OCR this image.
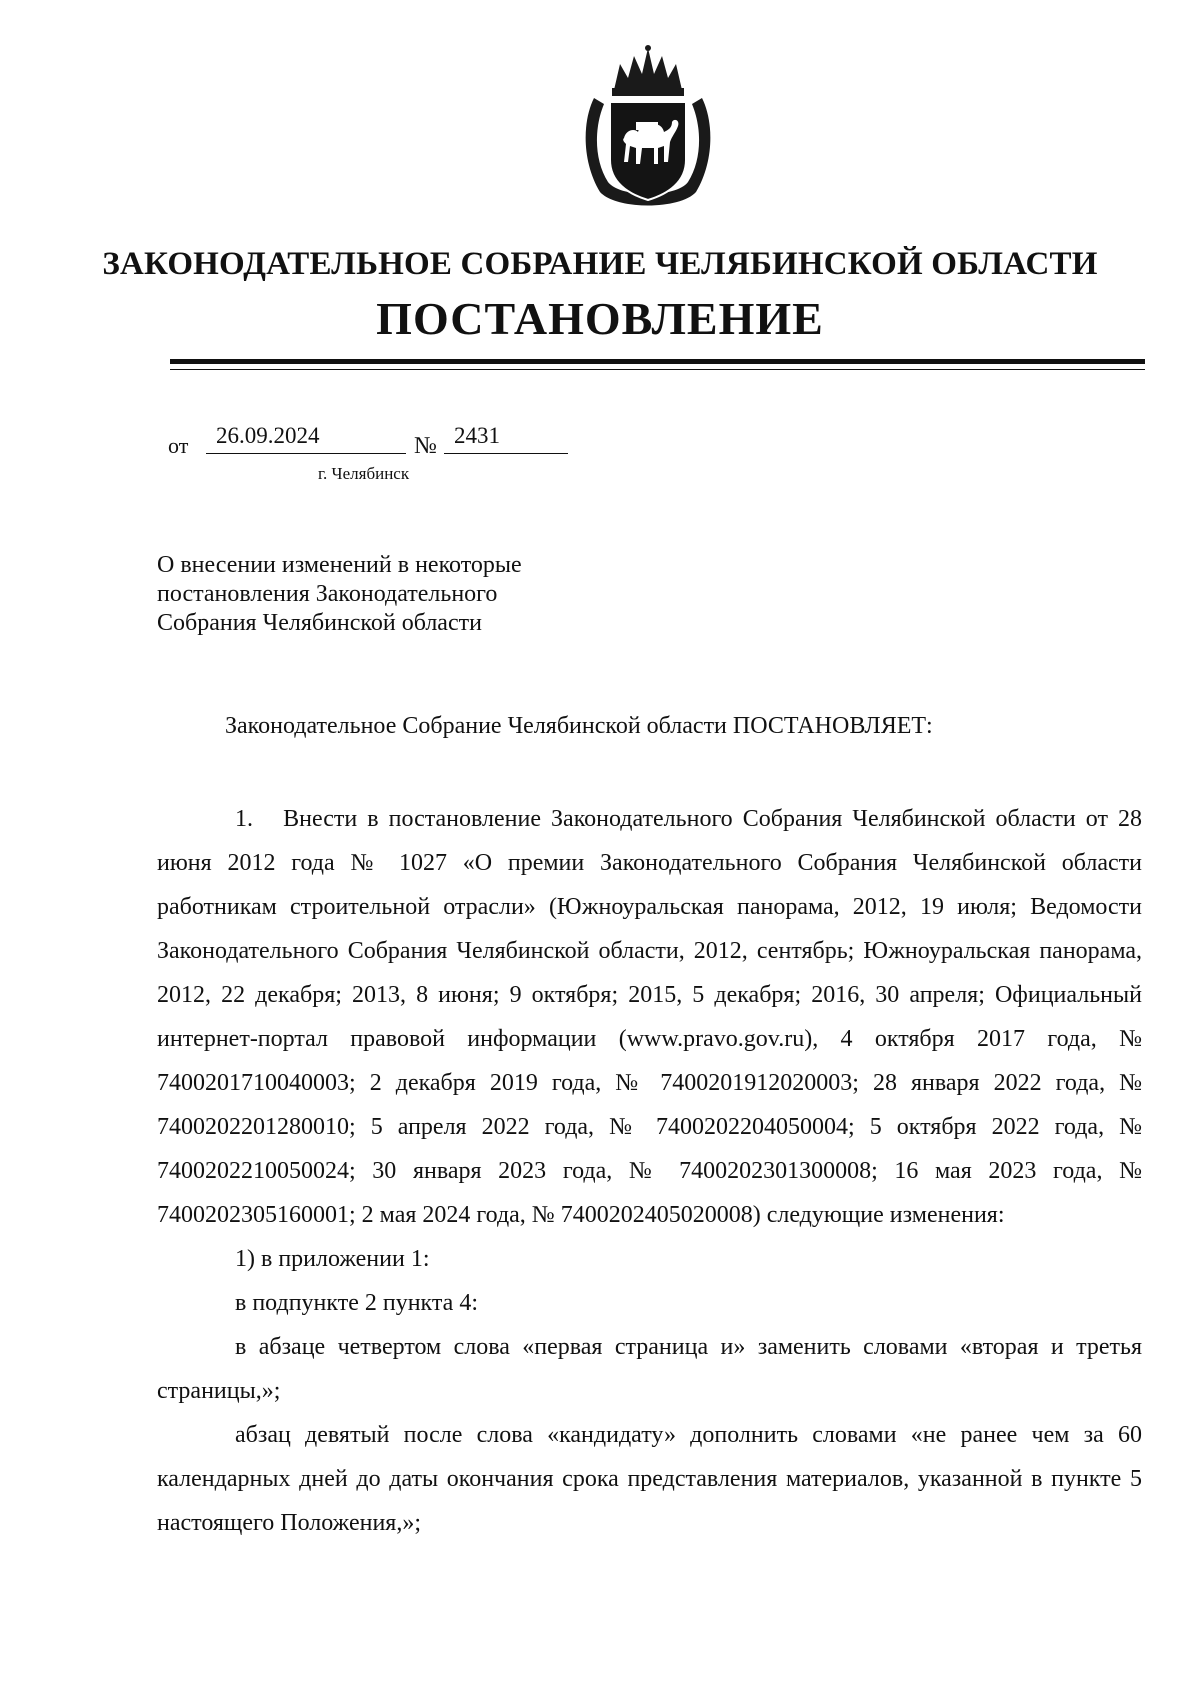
ЗАКОНОДАТЕЛЬНОЕ СОБРАНИЕ ЧЕЛЯБИНСКОЙ ОБЛАСТИ
ПОСТАНОВЛЕНИЕ
от	26.09.2024	№ 2431
г. Челябинск
О внесении изменений в некоторые
постановления Законодательного
Собрания Челябинской области
Законодательное Собрание Челябинской области ПОСТАНОВЛЯЕТ:

1.   Внести в постановление Законодательного Собрания Челябинской области от 28 июня 2012 года № 1027 «О премии Законодательного Собрания Челябинской области работникам строительной отрасли» (Южноуральская панорама, 2012, 19 июля; Ведомости Законодательного Собрания Челябинской области, 2012, сентябрь; Южноуральская панорама, 2012, 22 декабря; 2013, 8 июня; 9 октября; 2015, 5 декабря; 2016, 30 апреля; Официальный интернет-портал правовой информации (www.pravo.gov.ru), 4 октября 2017 года, № 7400201710040003; 2 декабря 2019 года, № 7400201912020003; 28 января 2022 года, № 7400202201280010; 5 апреля 2022 года, № 7400202204050004; 5 октября 2022 года, № 7400202210050024; 30 января 2023 года, № 7400202301300008; 16 мая 2023 года, № 7400202305160001; 2 мая 2024 года, № 7400202405020008) следующие изменения:

1) в приложении 1:

в подпункте 2 пункта 4:

в абзаце четвертом слова «первая страница и» заменить словами «вторая и третья страницы,»;

абзац девятый после слова «кандидату» дополнить словами «не ранее чем за 60 календарных дней до даты окончания срока представления материалов, указанной в пункте 5 настоящего Положения,»;
